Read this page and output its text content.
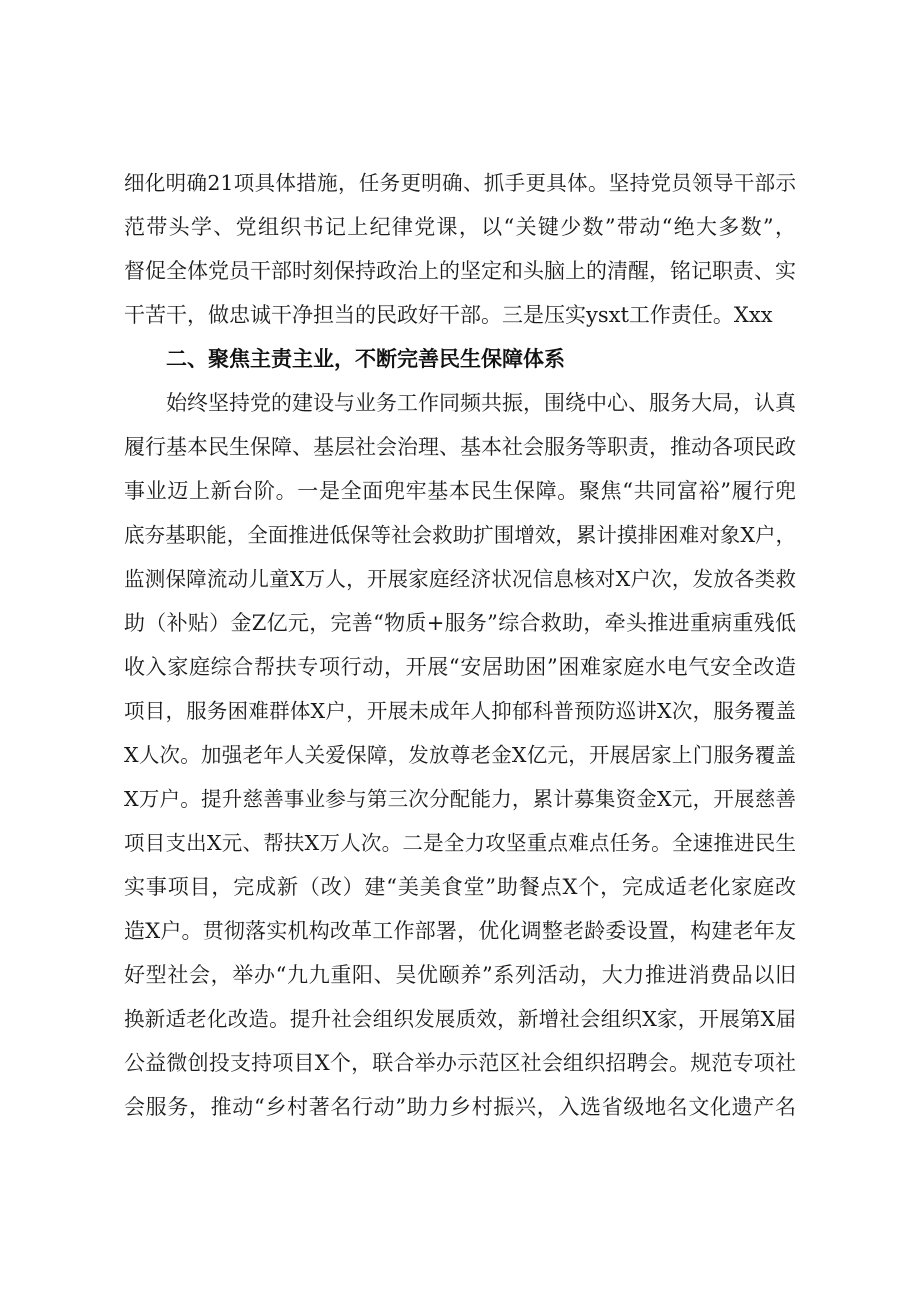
细化明确21项具体措施，任务更明确、抓手更具体。坚持党员领导干部示
范带头学、党组织书记上纪律党课，以“关键少数”带动“绝大多数”，
督促全体党员干部时刻保持政治上的坚定和头脑上的清醒，铭记职责、实
干苦干，做忠诚干净担当的民政好干部。三是压实ysxt工作责任。Xxx
二、聚焦主责主业，不断完善民生保障体系
始终坚持党的建设与业务工作同频共振，围绕中心、服务大局，认真
履行基本民生保障、基层社会治理、基本社会服务等职责，推动各项民政
事业迈上新台阶。一是全面兜牢基本民生保障。聚焦“共同富裕”履行兜
底夯基职能，全面推进低保等社会救助扩围增效，累计摸排困难对象X户，
监测保障流动儿童X万人，开展家庭经济状况信息核对X户次，发放各类救
助（补贴）金Z亿元，完善“物质+服务”综合救助，牵头推进重病重残低
收入家庭综合帮扶专项行动，开展“安居助困”困难家庭水电气安全改造
项目，服务困难群体X户，开展未成年人抑郁科普预防巡讲X次，服务覆盖
X人次。加强老年人关爱保障，发放尊老金X亿元，开展居家上门服务覆盖
X万户。提升慈善事业参与第三次分配能力，累计募集资金X元，开展慈善
项目支出X元、帮扶X万人次。二是全力攻坚重点难点任务。全速推进民生
实事项目，完成新（改）建“美美食堂”助餐点X个，完成适老化家庭改
造X户。贯彻落实机构改革工作部署，优化调整老龄委设置，构建老年友
好型社会，举办“九九重阳、吴优颐养”系列活动，大力推进消费品以旧
换新适老化改造。提升社会组织发展质效，新增社会组织X家，开展第X届
公益微创投支持项目X个，联合举办示范区社会组织招聘会。规范专项社
会服务，推动“乡村著名行动”助力乡村振兴，入选省级地名文化遗产名
